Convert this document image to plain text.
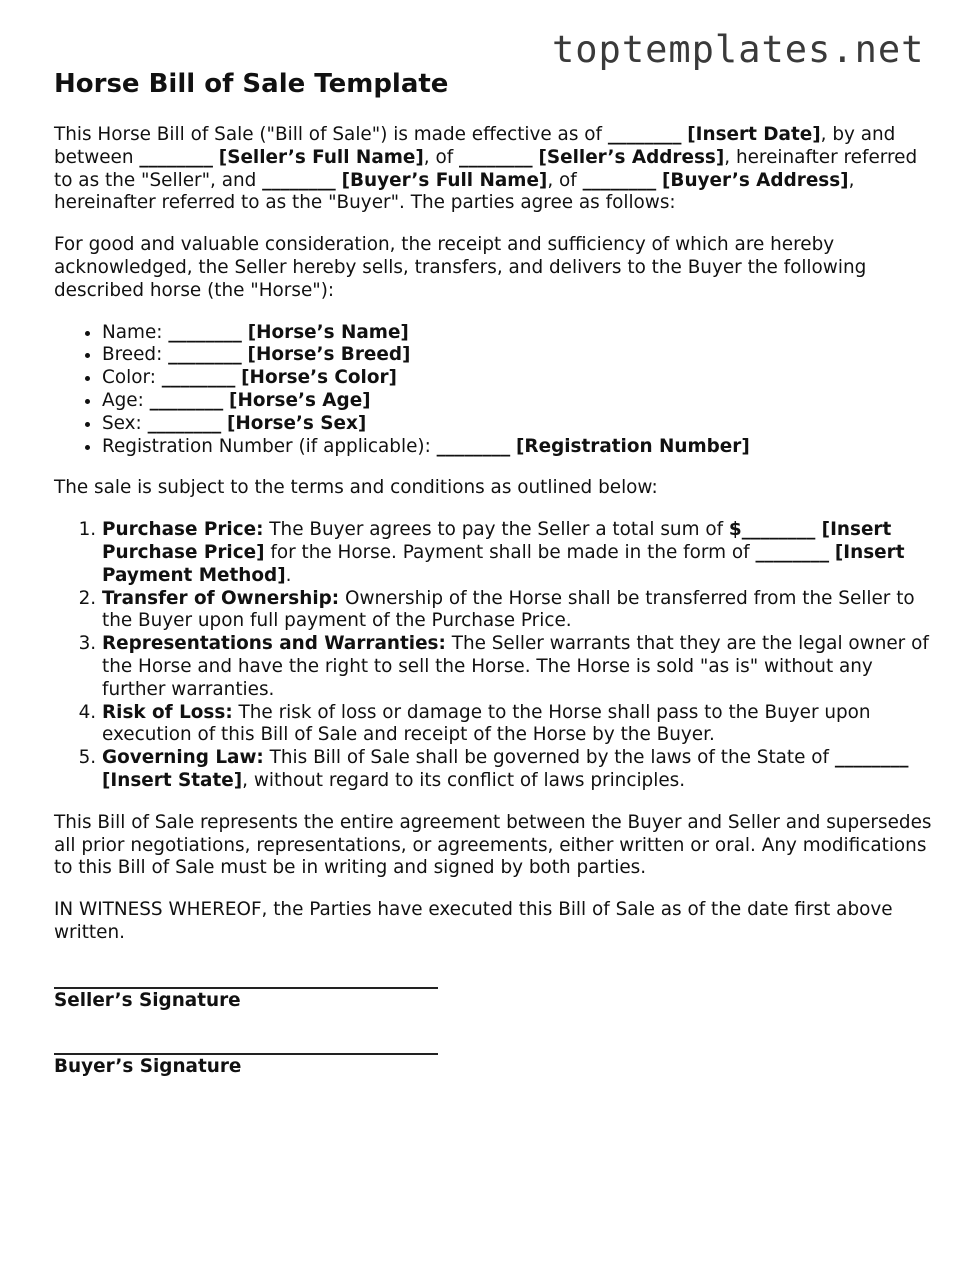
toptemplates.net
Horse Bill of Sale Template

This Horse Bill of Sale ("Bill of Sale") is made effective as of ________ [Insert Date], by and between ________ [Seller’s Full Name], of ________ [Seller’s Address], hereinafter referred to as the "Seller", and ________ [Buyer’s Full Name], of ________ [Buyer’s Address], hereinafter referred to as the "Buyer". The parties agree as follows:

For good and valuable consideration, the receipt and sufficiency of which are hereby acknowledged, the Seller hereby sells, transfers, and delivers to the Buyer the following described horse (the "Horse"):

• Name: ________ [Horse’s Name]
• Breed: ________ [Horse’s Breed]
• Color: ________ [Horse’s Color]
• Age: ________ [Horse’s Age]
• Sex: ________ [Horse’s Sex]
• Registration Number (if applicable): ________ [Registration Number]

The sale is subject to the terms and conditions as outlined below:

1. Purchase Price: The Buyer agrees to pay the Seller a total sum of $________ [Insert Purchase Price] for the Horse. Payment shall be made in the form of ________ [Insert Payment Method].
2. Transfer of Ownership: Ownership of the Horse shall be transferred from the Seller to the Buyer upon full payment of the Purchase Price.
3. Representations and Warranties: The Seller warrants that they are the legal owner of the Horse and have the right to sell the Horse. The Horse is sold "as is" without any further warranties.
4. Risk of Loss: The risk of loss or damage to the Horse shall pass to the Buyer upon execution of this Bill of Sale and receipt of the Horse by the Buyer.
5. Governing Law: This Bill of Sale shall be governed by the laws of the State of ________ [Insert State], without regard to its conflict of laws principles.

This Bill of Sale represents the entire agreement between the Buyer and Seller and supersedes all prior negotiations, representations, or agreements, either written or oral. Any modifications to this Bill of Sale must be in writing and signed by both parties.

IN WITNESS WHEREOF, the Parties have executed this Bill of Sale as of the date first above written.

Seller’s Signature
Buyer’s Signature
